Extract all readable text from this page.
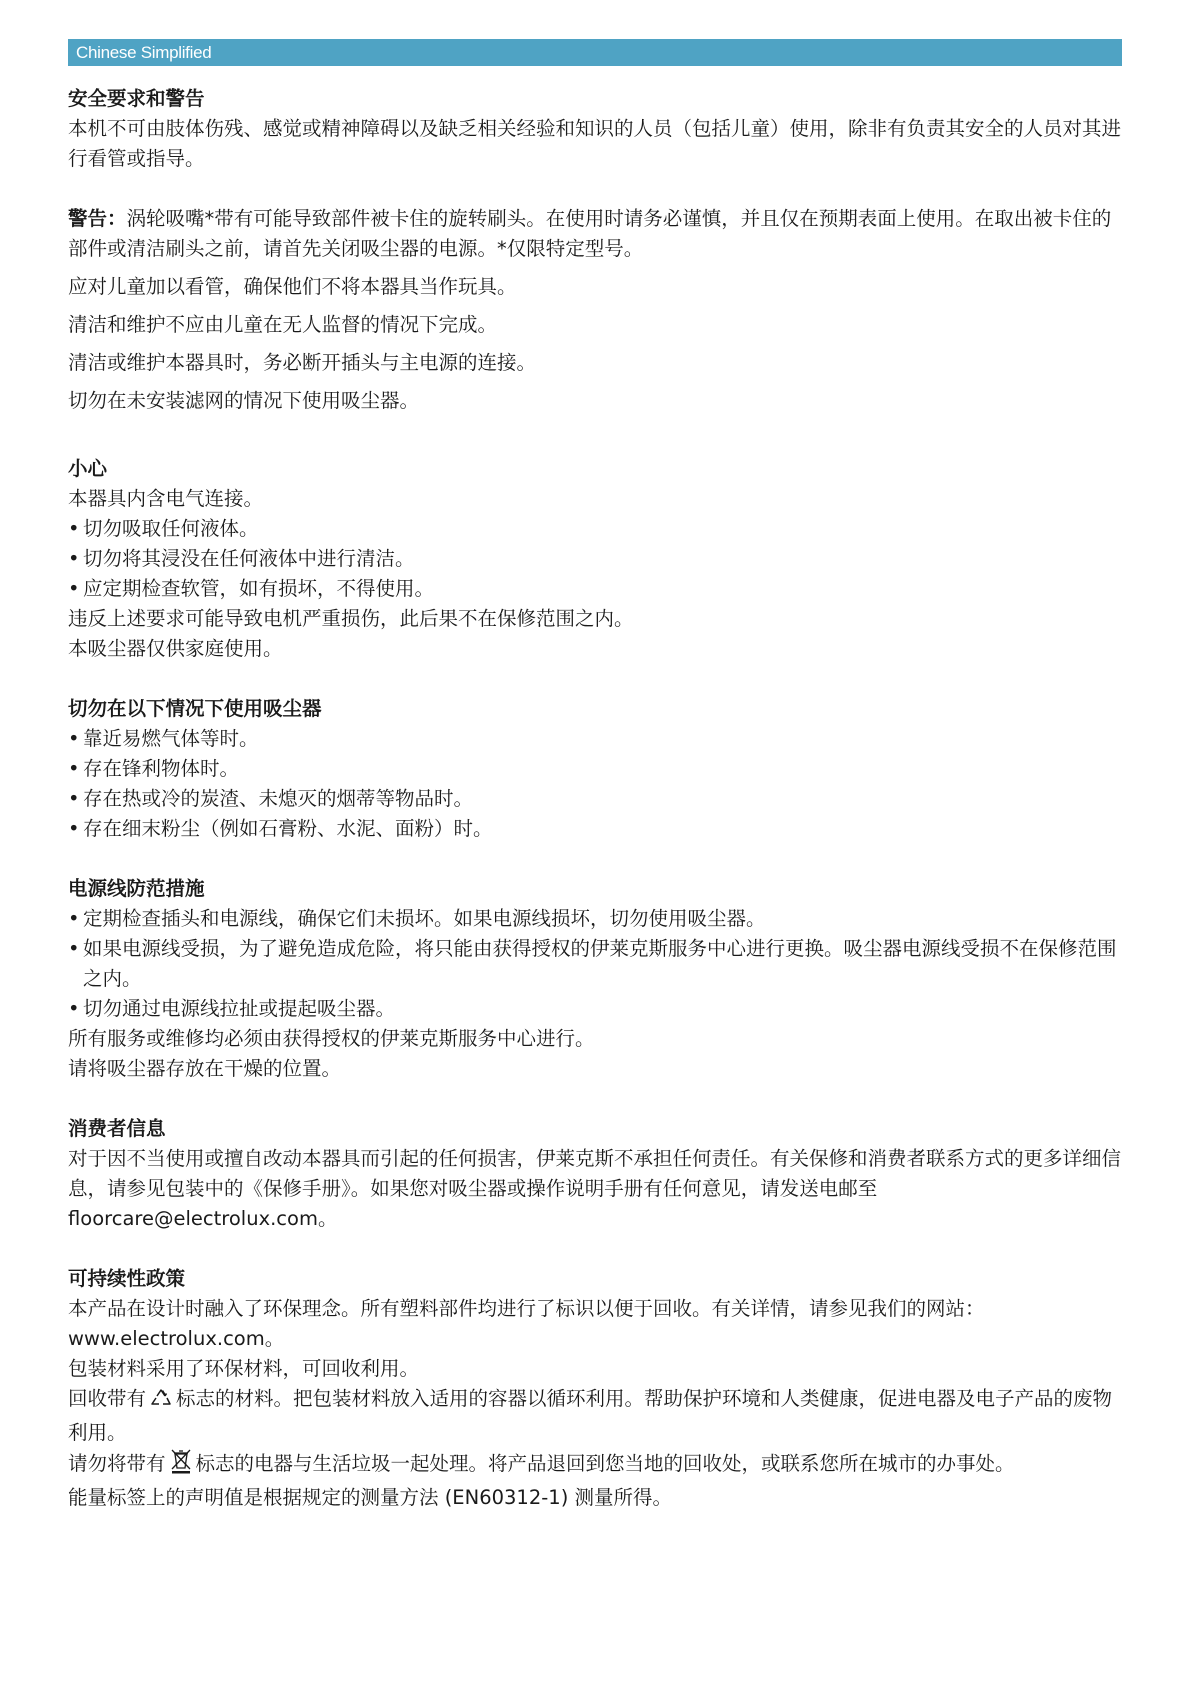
Chinese Simplified

安全要求和警告

本机不可由肢体伤残、感觉或精神障碍以及缺乏相关经验和知识的人员（包括儿童）使用，除非有负责其安全的人员对其进行看管或指导。

警告：涡轮吸嘴*带有可能导致部件被卡住的旋转刷头。在使用时请务必谨慎，并且仅在预期表面上使用。在取出被卡住的部件或清洁刷头之前，请首先关闭吸尘器的电源。*仅限特定型号。

应对儿童加以看管，确保他们不将本器具当作玩具。

清洁和维护不应由儿童在无人监督的情况下完成。

清洁或维护本器具时，务必断开插头与主电源的连接。

切勿在未安装滤网的情况下使用吸尘器。

小心

本器具内含电气连接。

• 切勿吸取任何液体。

• 切勿将其浸没在任何液体中进行清洁。

• 应定期检查软管，如有损坏，不得使用。

违反上述要求可能导致电机严重损伤，此后果不在保修范围之内。

本吸尘器仅供家庭使用。

切勿在以下情况下使用吸尘器

• 靠近易燃气体等时。

• 存在锋利物体时。

• 存在热或冷的炭渣、未熄灭的烟蒂等物品时。

• 存在细末粉尘（例如石膏粉、水泥、面粉）时。

电源线防范措施

• 定期检查插头和电源线，确保它们未损坏。如果电源线损坏，切勿使用吸尘器。

• 如果电源线受损，为了避免造成危险，将只能由获得授权的伊莱克斯服务中心进行更换。吸尘器电源线受损不在保修范围之内。

• 切勿通过电源线拉扯或提起吸尘器。

所有服务或维修均必须由获得授权的伊莱克斯服务中心进行。

请将吸尘器存放在干燥的位置。

消费者信息

对于因不当使用或擅自改动本器具而引起的任何损害，伊莱克斯不承担任何责任。有关保修和消费者联系方式的更多详细信息，请参见包装中的《保修手册》。如果您对吸尘器或操作说明手册有任何意见，请发送电邮至floorcare@electrolux.com。

可持续性政策

本产品在设计时融入了环保理念。所有塑料部件均进行了标识以便于回收。有关详情，请参见我们的网站：www.electrolux.com。

包装材料采用了环保材料，可回收利用。

回收带有 标志的材料。把包装材料放入适用的容器以循环利用。帮助保护环境和人类健康，促进电器及电子产品的废物利用。

请勿将带有 标志的电器与生活垃圾一起处理。将产品退回到您当地的回收处，或联系您所在城市的办事处。

能量标签上的声明值是根据规定的测量方法 (EN60312-1) 测量所得。
